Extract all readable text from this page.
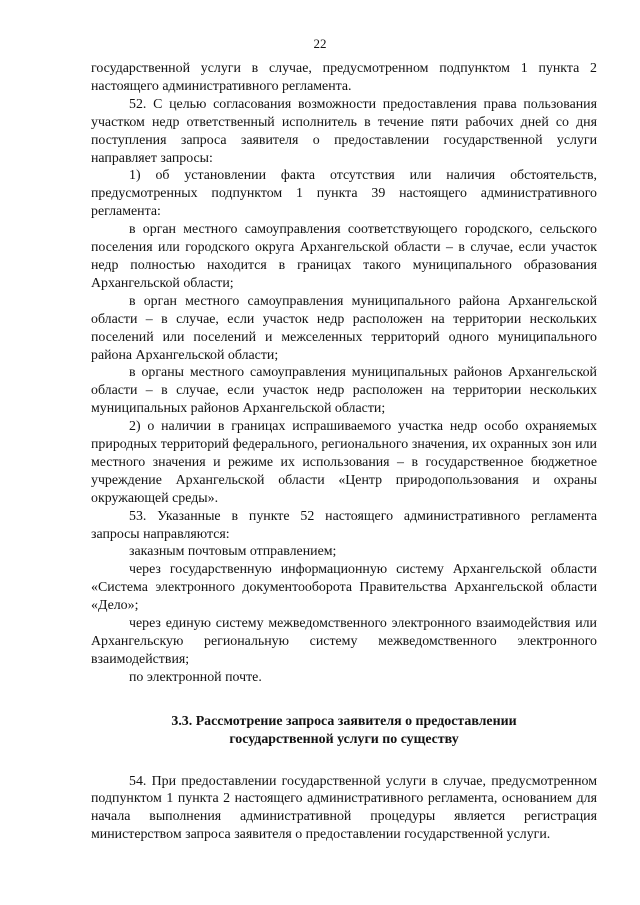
22

государственной услуги в случае, предусмотренном подпунктом 1 пункта 2 настоящего административного регламента.

52. С целью согласования возможности предоставления права пользования участком недр ответственный исполнитель в течение пяти рабочих дней со дня поступления запроса заявителя о предоставлении государственной услуги направляет запросы:

1) об установлении факта отсутствия или наличия обстоятельств, предусмотренных подпунктом 1 пункта 39 настоящего административного регламента:

в орган местного самоуправления соответствующего городского, сельского поселения или городского округа Архангельской области – в случае, если участок недр полностью находится в границах такого муниципального образования Архангельской области;

в орган местного самоуправления муниципального района Архангельской области – в случае, если участок недр расположен на территории нескольких поселений или поселений и межселенных территорий одного муниципального района Архангельской области;

в органы местного самоуправления муниципальных районов Архангельской области – в случае, если участок недр расположен на территории нескольких муниципальных районов Архангельской области;

2) о наличии в границах испрашиваемого участка недр особо охраняемых природных территорий федерального, регионального значения, их охранных зон или местного значения и режиме их использования – в государственное бюджетное учреждение Архангельской области «Центр природопользования и охраны окружающей среды».

53. Указанные в пункте 52 настоящего административного регламента запросы направляются:

заказным почтовым отправлением;

через государственную информационную систему Архангельской области «Система электронного документооборота Правительства Архангельской области «Дело»;

через единую систему межведомственного электронного взаимодействия или Архангельскую региональную систему межведомственного электронного взаимодействия;

по электронной почте.

3.3. Рассмотрение запроса заявителя о предоставлении
государственной услуги по существу

54. При предоставлении государственной услуги в случае, предусмотренном подпунктом 1 пункта 2 настоящего административного регламента, основанием для начала выполнения административной процедуры является регистрация министерством запроса заявителя о предоставлении государственной услуги.
